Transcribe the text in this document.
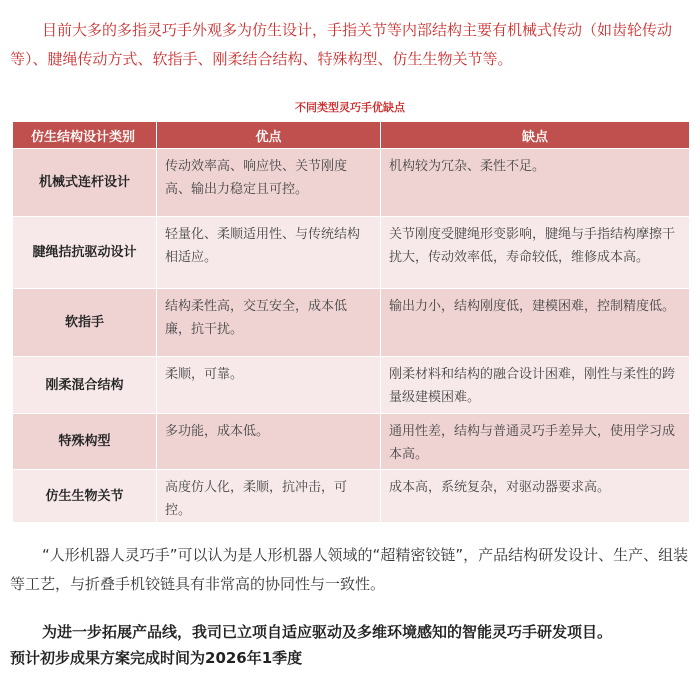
目前大多的多指灵巧手外观多为仿生设计，手指关节等内部结构主要有机械式传动（如齿轮传动等）、腱绳传动方式、软指手、刚柔结合结构、特殊构型、仿生生物关节等。

不同类型灵巧手优缺点
仿生结构设计类别	优点	缺点
机械式连杆设计	传动效率高、响应快、关节刚度高、输出力稳定且可控。	机构较为冗杂、柔性不足。
腱绳拮抗驱动设计	轻量化、柔顺适用性、与传统结构相适应。	关节刚度受腱绳形变影响，腱绳与手指结构摩擦干扰大，传动效率低，寿命较低，维修成本高。
软指手	结构柔性高，交互安全，成本低廉，抗干扰。	输出力小，结构刚度低，建模困难，控制精度低。
刚柔混合结构	柔顺，可靠。	刚柔材料和结构的融合设计困难，刚性与柔性的跨量级建模困难。
特殊构型	多功能，成本低。	通用性差，结构与普通灵巧手差异大，使用学习成本高。
仿生生物关节	高度仿人化，柔顺，抗冲击，可控。	成本高，系统复杂，对驱动器要求高。

“人形机器人灵巧手”可以认为是人形机器人领域的“超精密铰链”，产品结构研发设计、生产、组装等工艺，与折叠手机铰链具有非常高的协同性与一致性。

为进一步拓展产品线，我司已立项自适应驱动及多维环境感知的智能灵巧手研发项目。
预计初步成果方案完成时间为2026年1季度
